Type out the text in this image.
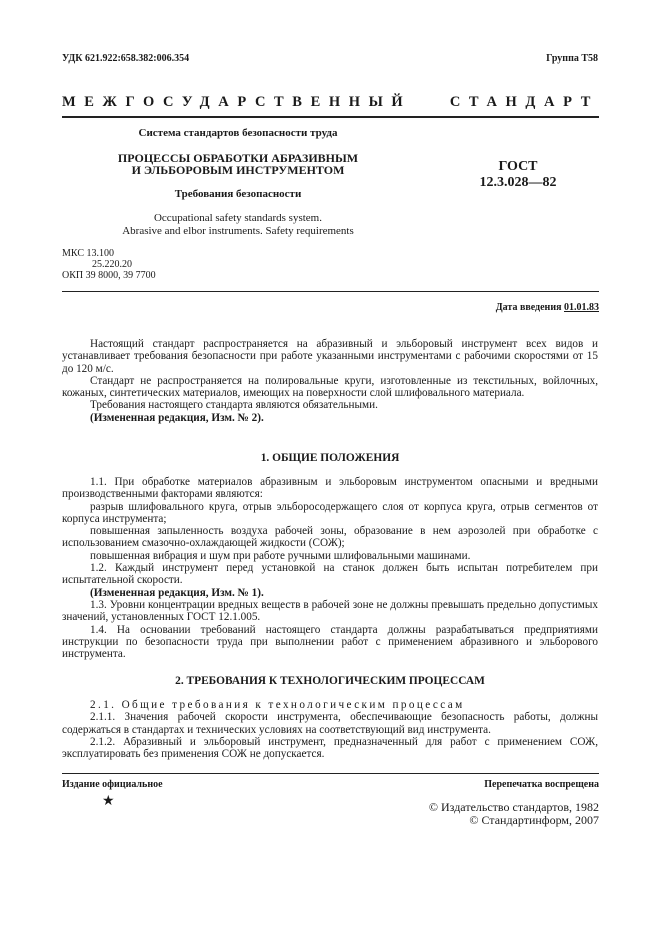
УДК 621.922:658.382:006.354	Группа Т58
МЕЖГОСУДАРСТВЕННЫЙ СТАНДАРТ
Система стандартов безопасности труда
ПРОЦЕССЫ ОБРАБОТКИ АБРАЗИВНЫМ
И ЭЛЬБОРОВЫМ ИНСТРУМЕНТОМ
Требования безопасности
Occupational safety standards system.
Abrasive and elbor instruments. Safety requirements
ГОСТ
12.3.028—82
МКС 13.100
25.220.20
ОКП 39 8000, 39 7700
Дата введения 01.01.83

Настоящий стандарт распространяется на абразивный и эльборовый инструмент всех видов и устанавливает требования безопасности при работе указанными инструментами с рабочими скоростями от 15 до 120 м/с.

Стандарт не распространяется на полировальные круги, изготовленные из текстильных, войлочных, кожаных, синтетических материалов, имеющих на поверхности слой шлифовального материала.

Требования настоящего стандарта являются обязательными.

(Измененная редакция, Изм. № 2).

1. ОБЩИЕ ПОЛОЖЕНИЯ

1.1. При обработке материалов абразивным и эльборовым инструментом опасными и вредными производственными факторами являются:

разрыв шлифовального круга, отрыв эльборосодержащего слоя от корпуса круга, отрыв сегментов от корпуса инструмента;

повышенная запыленность воздуха рабочей зоны, образование в нем аэрозолей при обработке с использованием смазочно-охлаждающей жидкости (СОЖ);

повышенная вибрация и шум при работе ручными шлифовальными машинами.

1.2. Каждый инструмент перед установкой на станок должен быть испытан потребителем при испытательной скорости.

(Измененная редакция, Изм. № 1).

1.3. Уровни концентрации вредных веществ в рабочей зоне не должны превышать предельно допустимых значений, установленных ГОСТ 12.1.005.

1.4. На основании требований настоящего стандарта должны разрабатываться предприятиями инструкции по безопасности труда при выполнении работ с применением абразивного и эльборового инструмента.

2. ТРЕБОВАНИЯ К ТЕХНОЛОГИЧЕСКИМ ПРОЦЕССАМ

2.1. Общие требования к технологическим процессам

2.1.1. Значения рабочей скорости инструмента, обеспечивающие безопасность работы, должны содержаться в стандартах и технических условиях на соответствующий вид инструмента.

2.1.2. Абразивный и эльборовый инструмент, предназначенный для работ с применением СОЖ, эксплуатировать без применения СОЖ не допускается.

Издание официальное	Перепечатка воспрещена
★	© Издательство стандартов, 1982
© Стандартинформ, 2007
